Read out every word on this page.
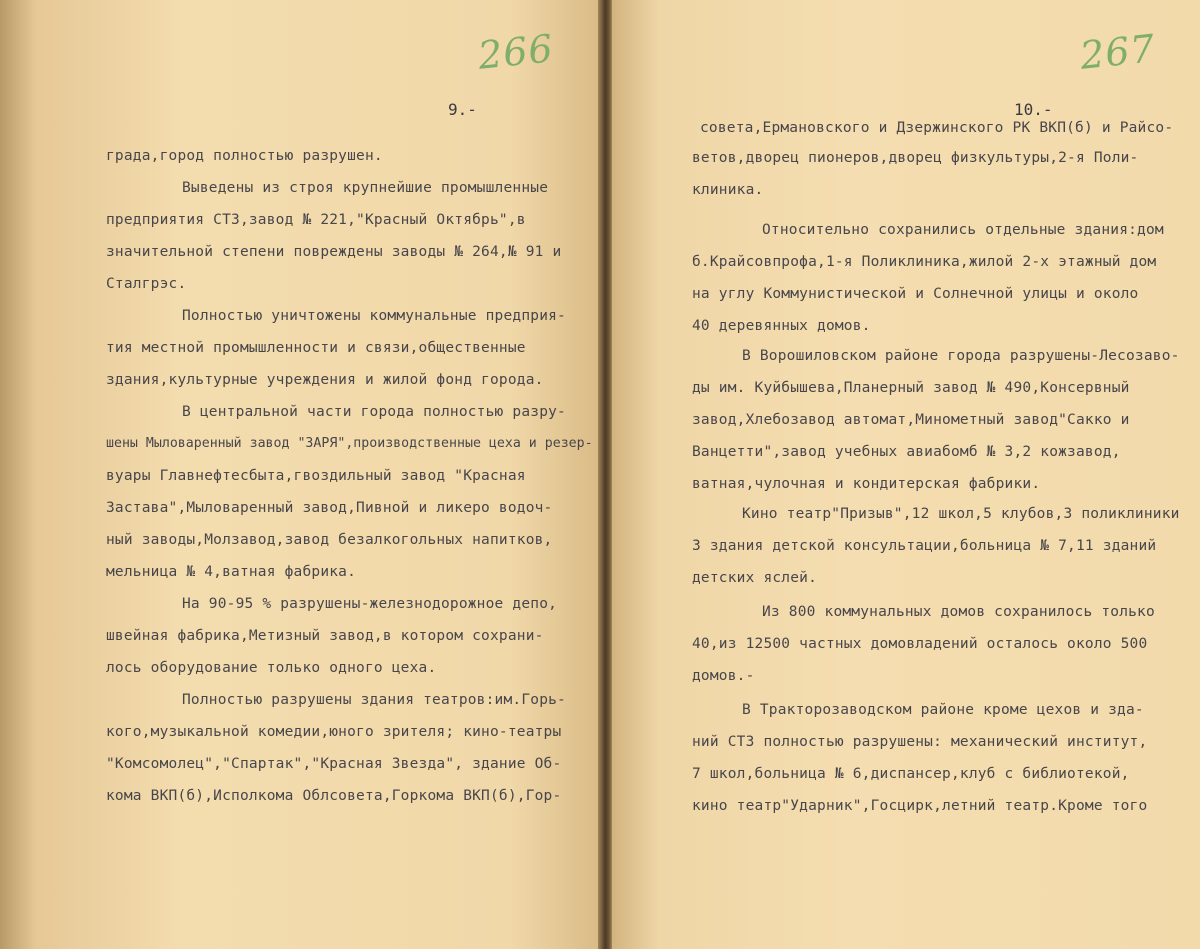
266
9.-
града,город полностью разрушен.
Выведены из строя крупнейшие промышленные
предприятия СТЗ,завод № 221,"Красный Октябрь",в
значительной степени повреждены заводы № 264,№ 91 и
Сталгрэс.
Полностью уничтожены коммунальные предприя-
тия местной промышленности и связи,общественные
здания,культурные учреждения и жилой фонд города.
В центральной части города полностью разру-
шены Мыловаренный завод "ЗАРЯ",производственные цеха и резер-
вуары Главнефтесбыта,гвоздильный завод "Красная
Застава",Мыловаренный завод,Пивной и ликеро водоч-
ный заводы,Молзавод,завод безалкогольных напитков,
мельница № 4,ватная фабрика.
На 90-95 % разрушены-железнодорожное депо,
швейная фабрика,Метизный завод,в котором сохрани-
лось оборудование только одного цеха.
Полностью разрушены здания театров:им.Горь-
кого,музыкальной комедии,юного зрителя; кино-театры
"Комсомолец","Спартак","Красная Звезда", здание Об-
кома ВКП(б),Исполкома Облсовета,Горкома ВКП(б),Гор-
267
10.-
совета,Ермановского и Дзержинского РК ВКП(б) и Райсо-
ветов,дворец пионеров,дворец физкультуры,2-я Поли-
клиника.
Относительно сохранились отдельные здания:дом
б.Крайсовпрофа,1-я Поликлиника,жилой 2-х этажный дом
на углу Коммунистической и Солнечной улицы и около
40 деревянных домов.
В Ворошиловском районе города разрушены-Лесозаво-
ды им. Куйбышева,Планерный завод № 490,Консервный
завод,Хлебозавод автомат,Минометный завод"Сакко и
Ванцетти",завод учебных авиабомб № 3,2 кожзавод,
ватная,чулочная и кондитерская фабрики.
Кино театр"Призыв",12 школ,5 клубов,3 поликлиники
3 здания детской консультации,больница № 7,11 зданий
детских яслей.
Из 800 коммунальных домов сохранилось только
40,из 12500 частных домовладений осталось около 500
домов.-
В Тракторозаводском районе кроме цехов и зда-
ний СТЗ полностью разрушены: механический институт,
7 школ,больница № 6,диспансер,клуб с библиотекой,
кино театр"Ударник",Госцирк,летний театр.Кроме того
